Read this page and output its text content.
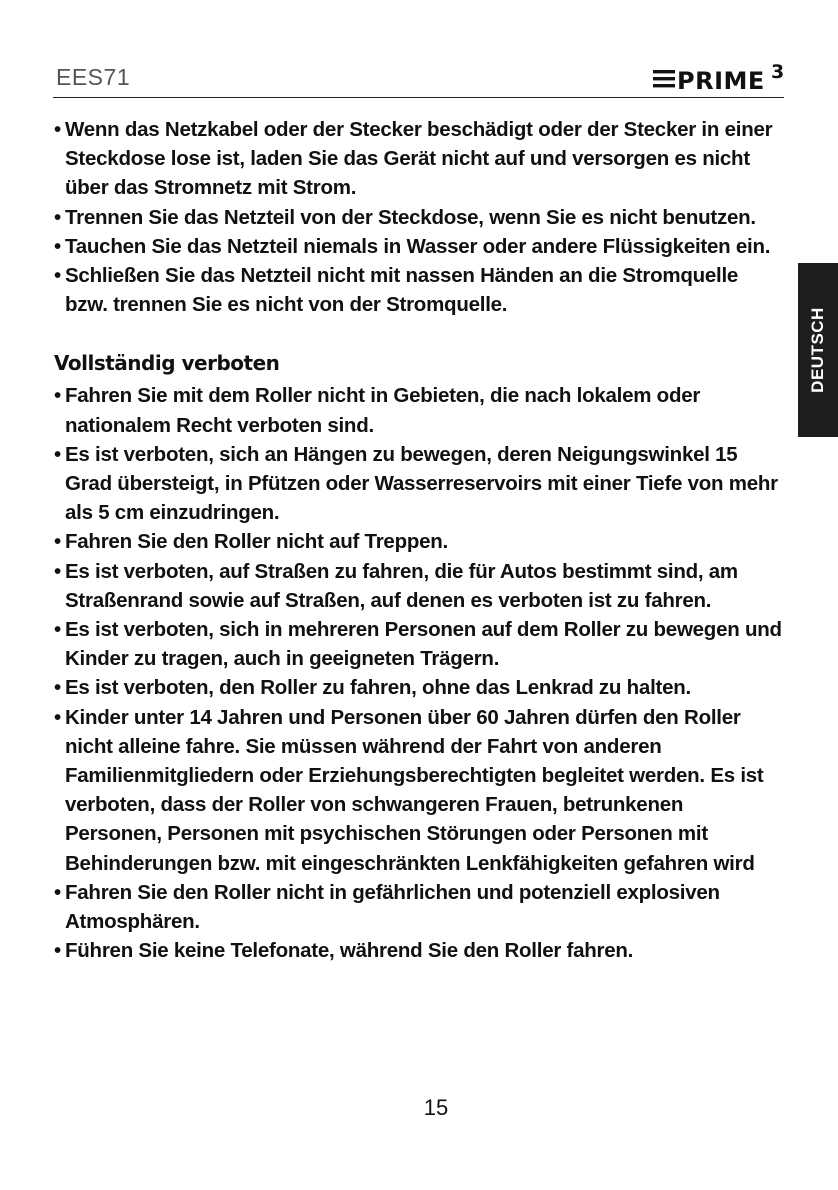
EES71	PRIME 3
DEUTSCH
• Wenn das Netzkabel oder der Stecker beschädigt oder der Stecker in einer Steckdose lose ist, laden Sie das Gerät nicht auf und versorgen es nicht über das Stromnetz mit Strom.
• Trennen Sie das Netzteil von der Steckdose, wenn Sie es nicht benutzen.
• Tauchen Sie das Netzteil niemals in Wasser oder andere Flüssigkeiten ein.
• Schließen Sie das Netzteil nicht mit nassen Händen an die Stromquelle bzw. trennen Sie es nicht von der Stromquelle.
Vollständig verboten
• Fahren Sie mit dem Roller nicht in Gebieten, die nach lokalem oder nationalem Recht verboten sind.
• Es ist verboten, sich an Hängen zu bewegen, deren Neigungswinkel 15 Grad übersteigt, in Pfützen oder Wasserreservoirs mit einer Tiefe von mehr als 5 cm einzudringen.
• Fahren Sie den Roller nicht auf Treppen.
• Es ist verboten, auf Straßen zu fahren, die für Autos bestimmt sind, am Straßenrand sowie auf Straßen, auf denen es verboten ist zu fahren.
• Es ist verboten, sich in mehreren Personen auf dem Roller zu bewegen und Kinder zu tragen, auch in geeigneten Trägern.
• Es ist verboten, den Roller zu fahren, ohne das Lenkrad zu halten.
• Kinder unter 14 Jahren und Personen über 60 Jahren dürfen den Roller nicht alleine fahre. Sie müssen während der Fahrt von anderen Familienmitgliedern oder Erziehungsberechtigten begleitet werden. Es ist verboten, dass der Roller von schwangeren Frauen, betrunkenen Personen, Personen mit psychischen Störungen oder Personen mit Behinderungen bzw. mit eingeschränkten Lenkfähigkeiten gefahren wird
• Fahren Sie den Roller nicht in gefährlichen und potenziell explosiven Atmosphären.
• Führen Sie keine Telefonate, während Sie den Roller fahren.
15
